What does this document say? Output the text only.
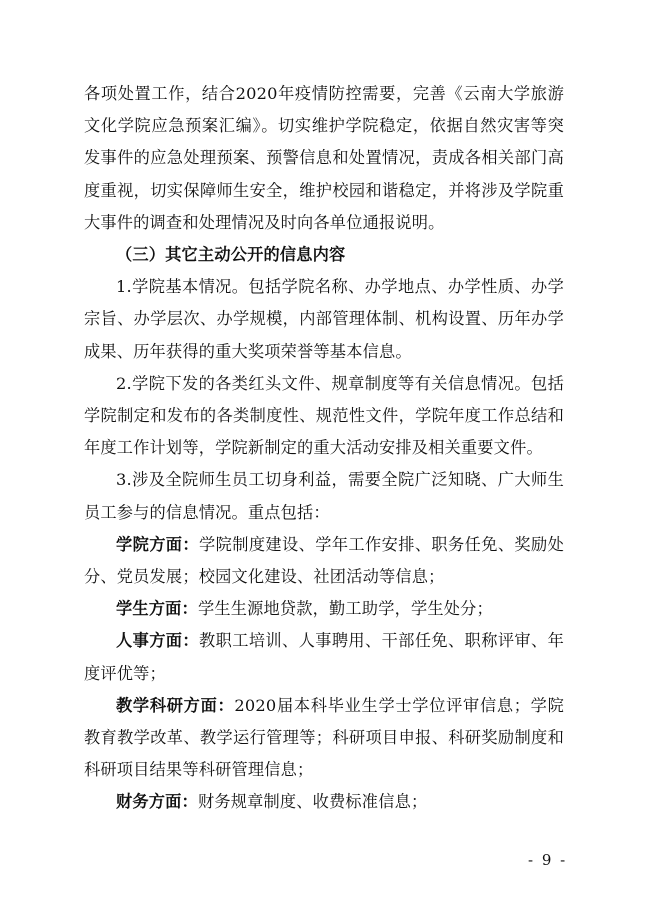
各项处置工作，结合2020年疫情防控需要，完善《云南大学旅游文化学院应急预案汇编》。切实维护学院稳定，依据自然灾害等突发事件的应急处理预案、预警信息和处置情况，责成各相关部门高度重视，切实保障师生安全，维护校园和谐稳定，并将涉及学院重大事件的调查和处理情况及时向各单位通报说明。

（三）其它主动公开的信息内容

1.学院基本情况。包括学院名称、办学地点、办学性质、办学宗旨、办学层次、办学规模，内部管理体制、机构设置、历年办学成果、历年获得的重大奖项荣誉等基本信息。

2.学院下发的各类红头文件、规章制度等有关信息情况。包括学院制定和发布的各类制度性、规范性文件，学院年度工作总结和年度工作计划等，学院新制定的重大活动安排及相关重要文件。

3.涉及全院师生员工切身利益，需要全院广泛知晓、广大师生员工参与的信息情况。重点包括：

学院方面：学院制度建设、学年工作安排、职务任免、奖励处分、党员发展；校园文化建设、社团活动等信息；

学生方面：学生生源地贷款，勤工助学，学生处分；

人事方面：教职工培训、人事聘用、干部任免、职称评审、年度评优等；

教学科研方面：2020届本科毕业生学士学位评审信息；学院教育教学改革、教学运行管理等；科研项目申报、科研奖励制度和科研项目结果等科研管理信息；

财务方面：财务规章制度、收费标准信息；

- 9 -
